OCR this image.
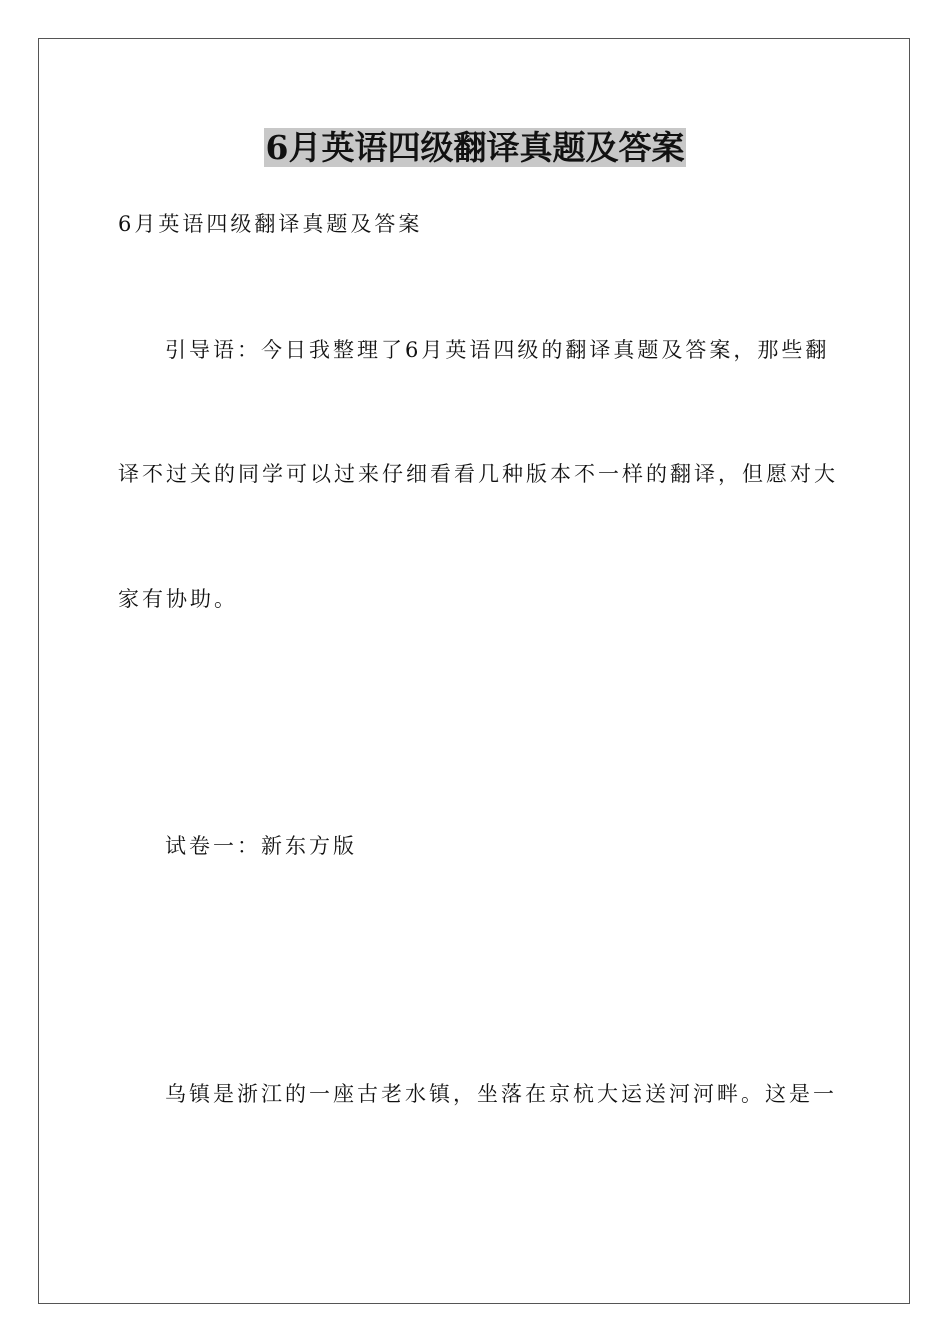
6月英语四级翻译真题及答案
6月英语四级翻译真题及答案
引导语：今日我整理了6月英语四级的翻译真题及答案，那些翻
译不过关的同学可以过来仔细看看几种版本不一样的翻译，但愿对大
家有协助。
试卷一：新东方版
乌镇是浙江的一座古老水镇，坐落在京杭大运送河河畔。这是一
